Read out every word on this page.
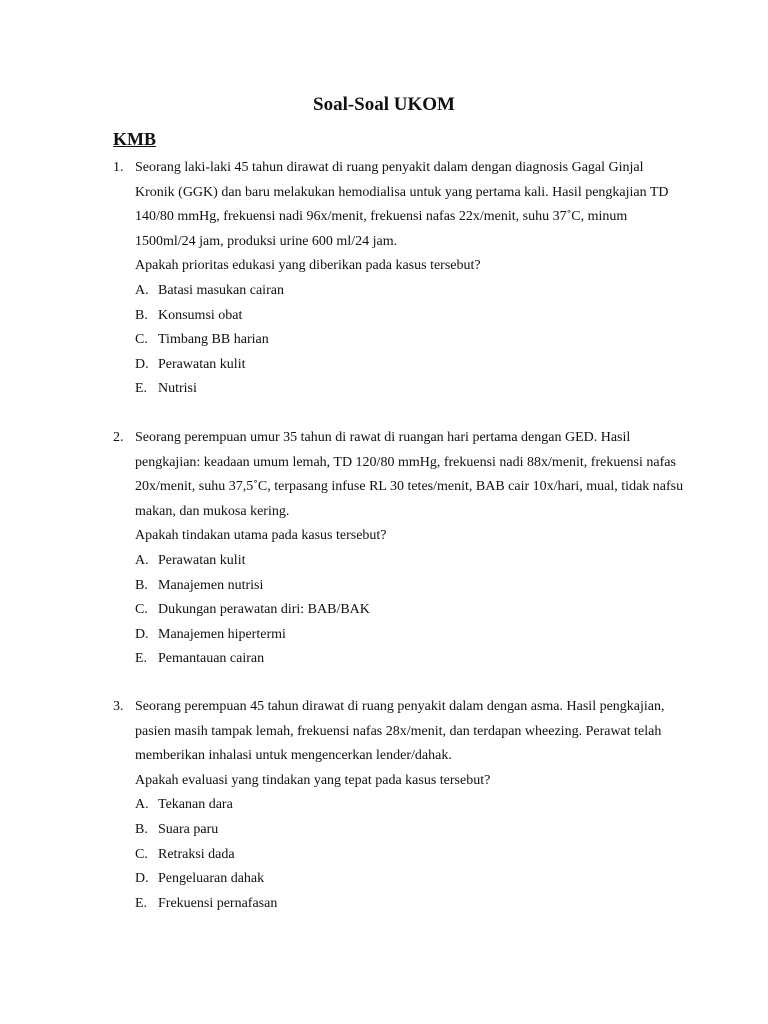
Soal-Soal UKOM
KMB
1. Seorang laki-laki 45 tahun dirawat di ruang penyakit dalam dengan diagnosis Gagal Ginjal Kronik (GGK) dan baru melakukan hemodialisa untuk yang pertama kali. Hasil pengkajian TD 140/80 mmHg, frekuensi nadi 96x/menit, frekuensi nafas 22x/menit, suhu 37˚C, minum 1500ml/24 jam, produksi urine 600 ml/24 jam.

Apakah prioritas edukasi yang diberikan pada kasus tersebut?

A. Batasi masukan cairan
B. Konsumsi obat
C. Timbang BB harian
D. Perawatan kulit
E. Nutrisi
2. Seorang perempuan umur 35 tahun di rawat di ruangan hari pertama dengan GED. Hasil pengkajian: keadaan umum lemah, TD 120/80 mmHg, frekuensi nadi 88x/menit, frekuensi nafas 20x/menit, suhu 37,5˚C, terpasang infuse RL 30 tetes/menit, BAB cair 10x/hari, mual, tidak nafsu makan, dan mukosa kering.

Apakah tindakan utama pada kasus tersebut?

A. Perawatan kulit
B. Manajemen nutrisi
C. Dukungan perawatan diri: BAB/BAK
D. Manajemen hipertermi
E. Pemantauan cairan
3. Seorang perempuan 45 tahun dirawat di ruang penyakit dalam dengan asma. Hasil pengkajian, pasien masih tampak lemah, frekuensi nafas 28x/menit, dan terdapan wheezing. Perawat telah memberikan inhalasi untuk mengencerkan lender/dahak.

Apakah evaluasi yang tindakan yang tepat pada kasus tersebut?

A. Tekanan dara
B. Suara paru
C. Retraksi dada
D. Pengeluaran dahak
E. Frekuensi pernafasan
